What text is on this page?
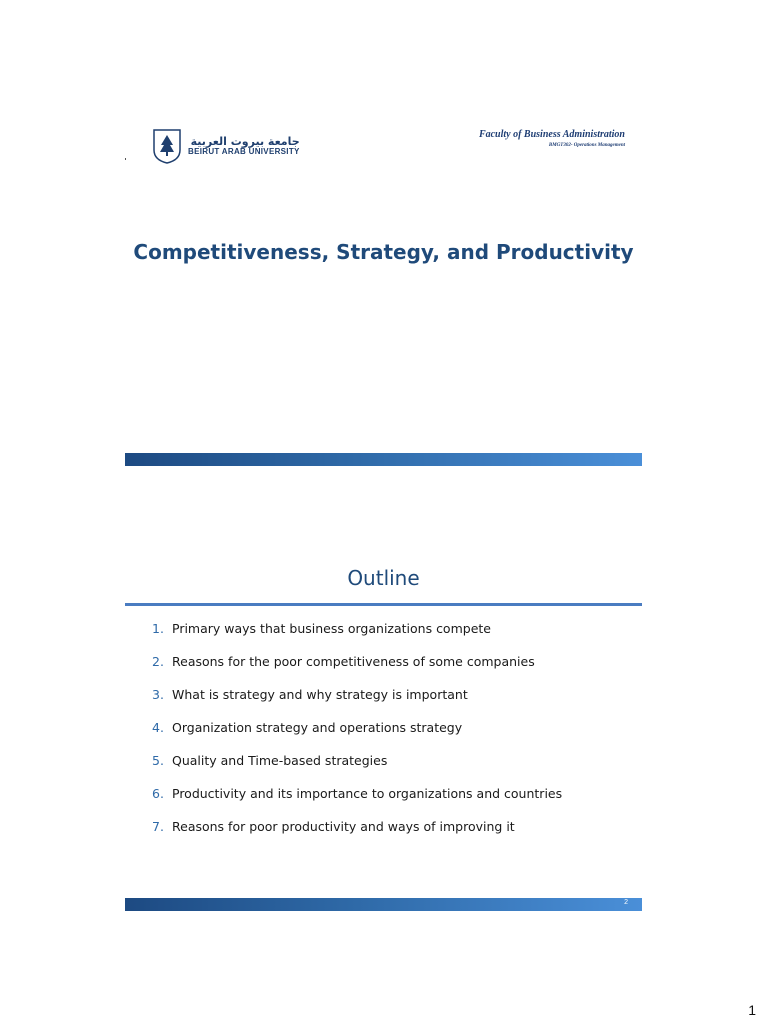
جامعة بيروت العربية
BEIRUT ARAB UNIVERSITY
Faculty of Business Administration
BMGT302- Operations Management
Competitiveness, Strategy, and Productivity
Outline
1. Primary ways that business organizations compete
2. Reasons for the poor competitiveness of some companies
3. What is strategy and why strategy is important
4. Organization strategy and operations strategy
5. Quality and Time-based strategies
6. Productivity and its importance to organizations and countries
7. Reasons for poor productivity and ways of improving it
2
1
